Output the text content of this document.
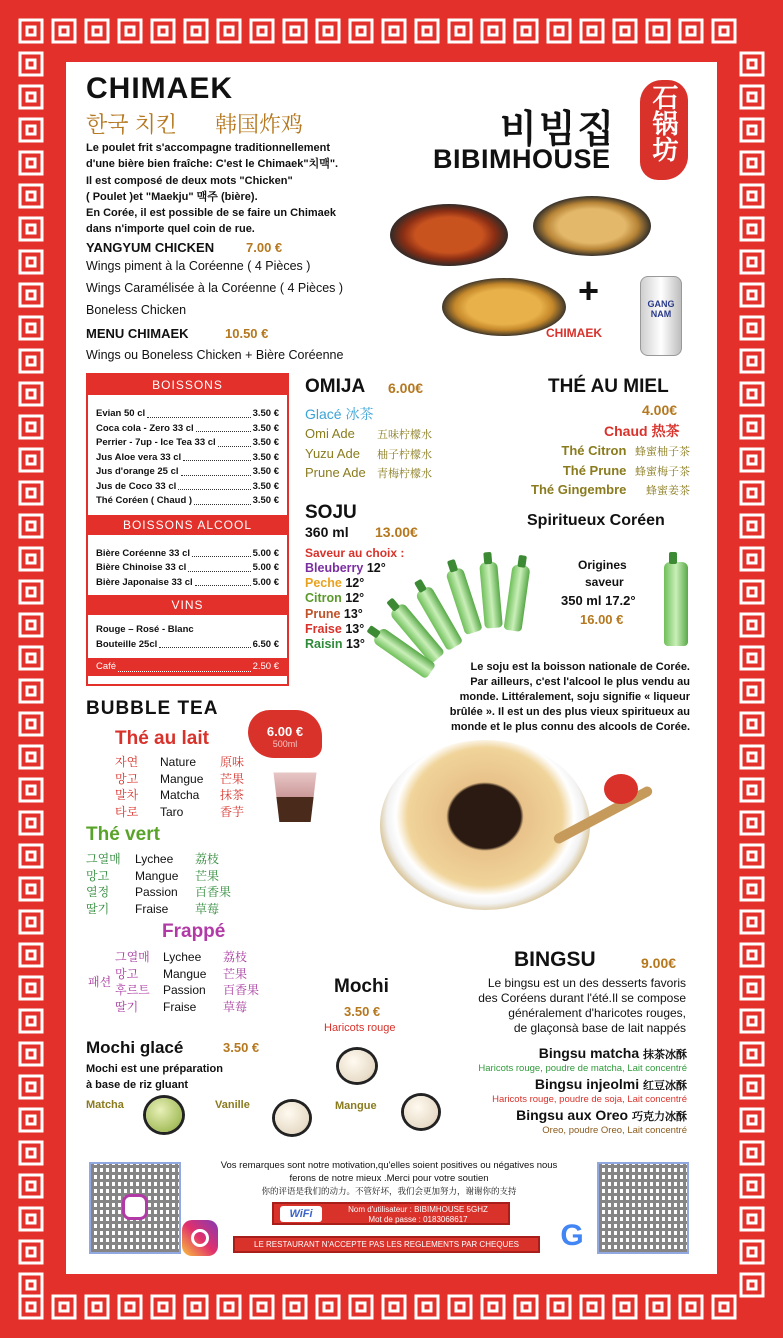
CHIMAEK
한국 치킨 韩国炸鸡
Le poulet frit s'accompagne traditionnellement
d'une bière bien fraîche: C'est le Chimaek"치맥".
Il est composé de deux mots "Chicken"
( Poulet )et "Maekju" 맥주 (bière).
En Corée, il est possible de se faire un Chimaek
dans n'importe quel coin de rue.
비빔집
BIBIMHOUSE	石锅坊
+	GANG NAM
CHIMAEK
YANGYUM CHICKEN 7.00 €
Wings piment à la Coréenne ( 4 Pièces )
Wings Caramélisée à la Coréenne ( 4 Pièces )
Boneless Chicken
MENU CHIMAEK	10.50 €
Wings ou Boneless Chicken + Bière Coréenne
BOISSONS
Evian 50 cl	3.50 €
Coca cola - Zero 33 cl	3.50 €
Perrier - 7up - Ice Tea 33 cl	3.50 €
Jus Aloe vera 33 cl	3.50 €
Jus d'orange 25 cl	3.50 €
Jus de Coco 33 cl	3.50 €
Thé Coréen ( Chaud )	3.50 €
BOISSONS ALCOOL
Bière Coréenne 33 cl	5.00 €
Bière Chinoise 33 cl	5.00 €
Bière Japonaise 33 cl	5.00 €
VINS
Rouge – Rosé - Blanc
Bouteille 25cl	6.50 €
Café	2.50 €
OMIJA 6.00€
Glacé 冰茶
Omi Ade 五味柠檬水
Yuzu Ade 柚子柠檬水
Prune Ade 青梅柠檬水
THÉ AU MIEL
4.00€
Chaud 热茶
Thé Citron 蜂蜜柚子茶
Thé Prune 蜂蜜梅子茶
Thé Gingembre 蜂蜜姜茶
SOJU
360 ml 13.00€
Saveur au choix :
Bleuberry 12°
Peche 12°
Citron 12°
Prune 13°
Fraise 13°
Raisin 13°
Spiritueux Coréen
Origines
saveur
350 ml 17.2°
16.00 €
Le soju est la boisson nationale de Corée.
Par ailleurs, c'est l'alcool le plus vendu au
monde. Littéralement, soju signifie « liqueur
brûlée ». Il est un des plus vieux spiritueux au
monde et le plus connu des alcools de Corée.
BUBBLE TEA
6.00 €
500ml
Thé au lait
자연 Nature 原味
망고 Mangue 芒果
말차 Matcha 抹茶
타로 Taro	香芋
Thé vert
그열매 Lychee 荔枝
망고 Mangue 芒果
열정 Passion 百香果
딸기 Fraise 草莓
Frappé
패션
그열매 Lychee 荔枝
망고 Mangue 芒果
후르트 Passion 百香果
딸기 Fraise 草莓
Mochi
3.50 €
Haricots rouge
Mochi glacé	3.50 €
Mochi est une préparation
à base de riz gluant
Matcha	Vanille	Mangue
BINGSU	9.00€
Le bingsu est un des desserts favoris
des Coréens durant l'été.Il se compose
généralement d'haricotes rouges,
de glaçonsà base de lait nappés
Bingsu matcha 抹茶冰酥
Haricots rouge, poudre de matcha, Lait concentré
Bingsu injeolmi 红豆冰酥
Haricots rouge, poudre de soja, Lait concentré
Bingsu aux Oreo 巧克力冰酥
Oreo, poudre Oreo, Lait concentré
Vos remarques sont notre motivation,qu'elles soient positives ou négatives nous
ferons de notre mieux .Merci pour votre soutien
你的评语是我们的动力。不管好坏，我们会更加努力，谢谢你的支持
WiFi	Nom d'utilisateur : BIBIMHOUSE 5GHZ
Mot de passe : 0183068617
LE RESTAURANT N'ACCEPTE PAS LES REGLEMENTS PAR CHEQUES	G
